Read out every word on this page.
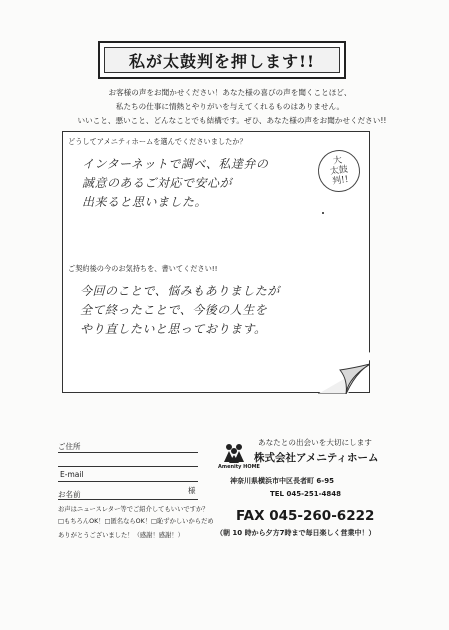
私が太鼓判を押します!!
お客様の声をお聞かせください！あなた様の喜びの声を聞くことほど、
私たちの仕事に情熱とやりがいを与えてくれるものはありません。
いいこと、悪いこと、どんなことでも結構です。ぜひ、あなた様の声をお聞かせください!!
どうしてアメニティホームを選んでくださいましたか？
インターネットで調べ、私達弁の
誠意のあるご対応で安心が
出来ると思いました。
大
太鼓
判!!
ご契約後の今のお気持ちを、書いてください!!
今回のことで、悩みもありましたが
全て終ったことで、今後の人生を
やり直したいと思っております。
ご住所
E-mail
お名前	様
お声はニュースレター等でご紹介してもいいですか？
□もちろんOK！□匿名ならOK！□恥ずかしいからだめ
ありがとうございました！（感謝！感謝！）
あなたとの出会いを大切にします
Amenity HOME
株式会社アメニティホーム
神奈川県横浜市中区長者町 6-95
TEL 045-251-4848
FAX 045-260-6222
（朝 10 時から夕方7時まで毎日楽しく営業中！）
